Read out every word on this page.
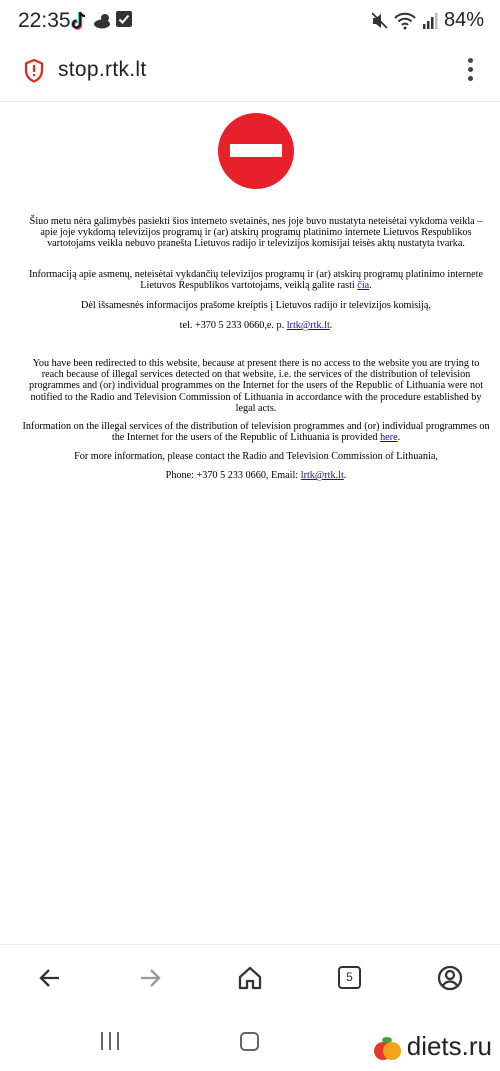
22:35	84%
stop.rtk.lt

Šiuo metu nėra galimybės pasiekti šios interneto svetainės, nes joje buvo nustatyta neteisėtai vykdoma veikla – apie joje vykdomą televizijos programų ir (ar) atskirų programų platinimo internete Lietuvos Respublikos vartotojams veikla nebuvo pranešta Lietuvos radijo ir televizijos komisijai teisės aktų nustatyta tvarka.

Informaciją apie asmenų, neteisėtai vykdančių televizijos programų ir (ar) atskirų programų platinimo internete Lietuvos Respublikos vartotojams, veiklą galite rasti čia.

Dėl išsamesnės informacijos prašome kreiptis į Lietuvos radijo ir televizijos komisiją,

tel. +370 5 233 0660,e. p. lrtk@rtk.lt.

You have been redirected to this website, because at present there is no access to the website you are trying to reach because of illegal services detected on that website, i.e. the services of the distribution of television programmes and (or) individual programmes on the Internet for the users of the Republic of Lithuania were not notified to the Radio and Television Commission of Lithuania in accordance with the procedure established by legal acts.

Information on the illegal services of the distribution of television programmes and (or) individual programmes on the Internet for the users of the Republic of Lithuania is provided here.

For more information, please contact the Radio and Television Commission of Lithuania,

Phone: +370 5 233 0660, Email: lrtk@rtk.lt.

5
diets.ru
